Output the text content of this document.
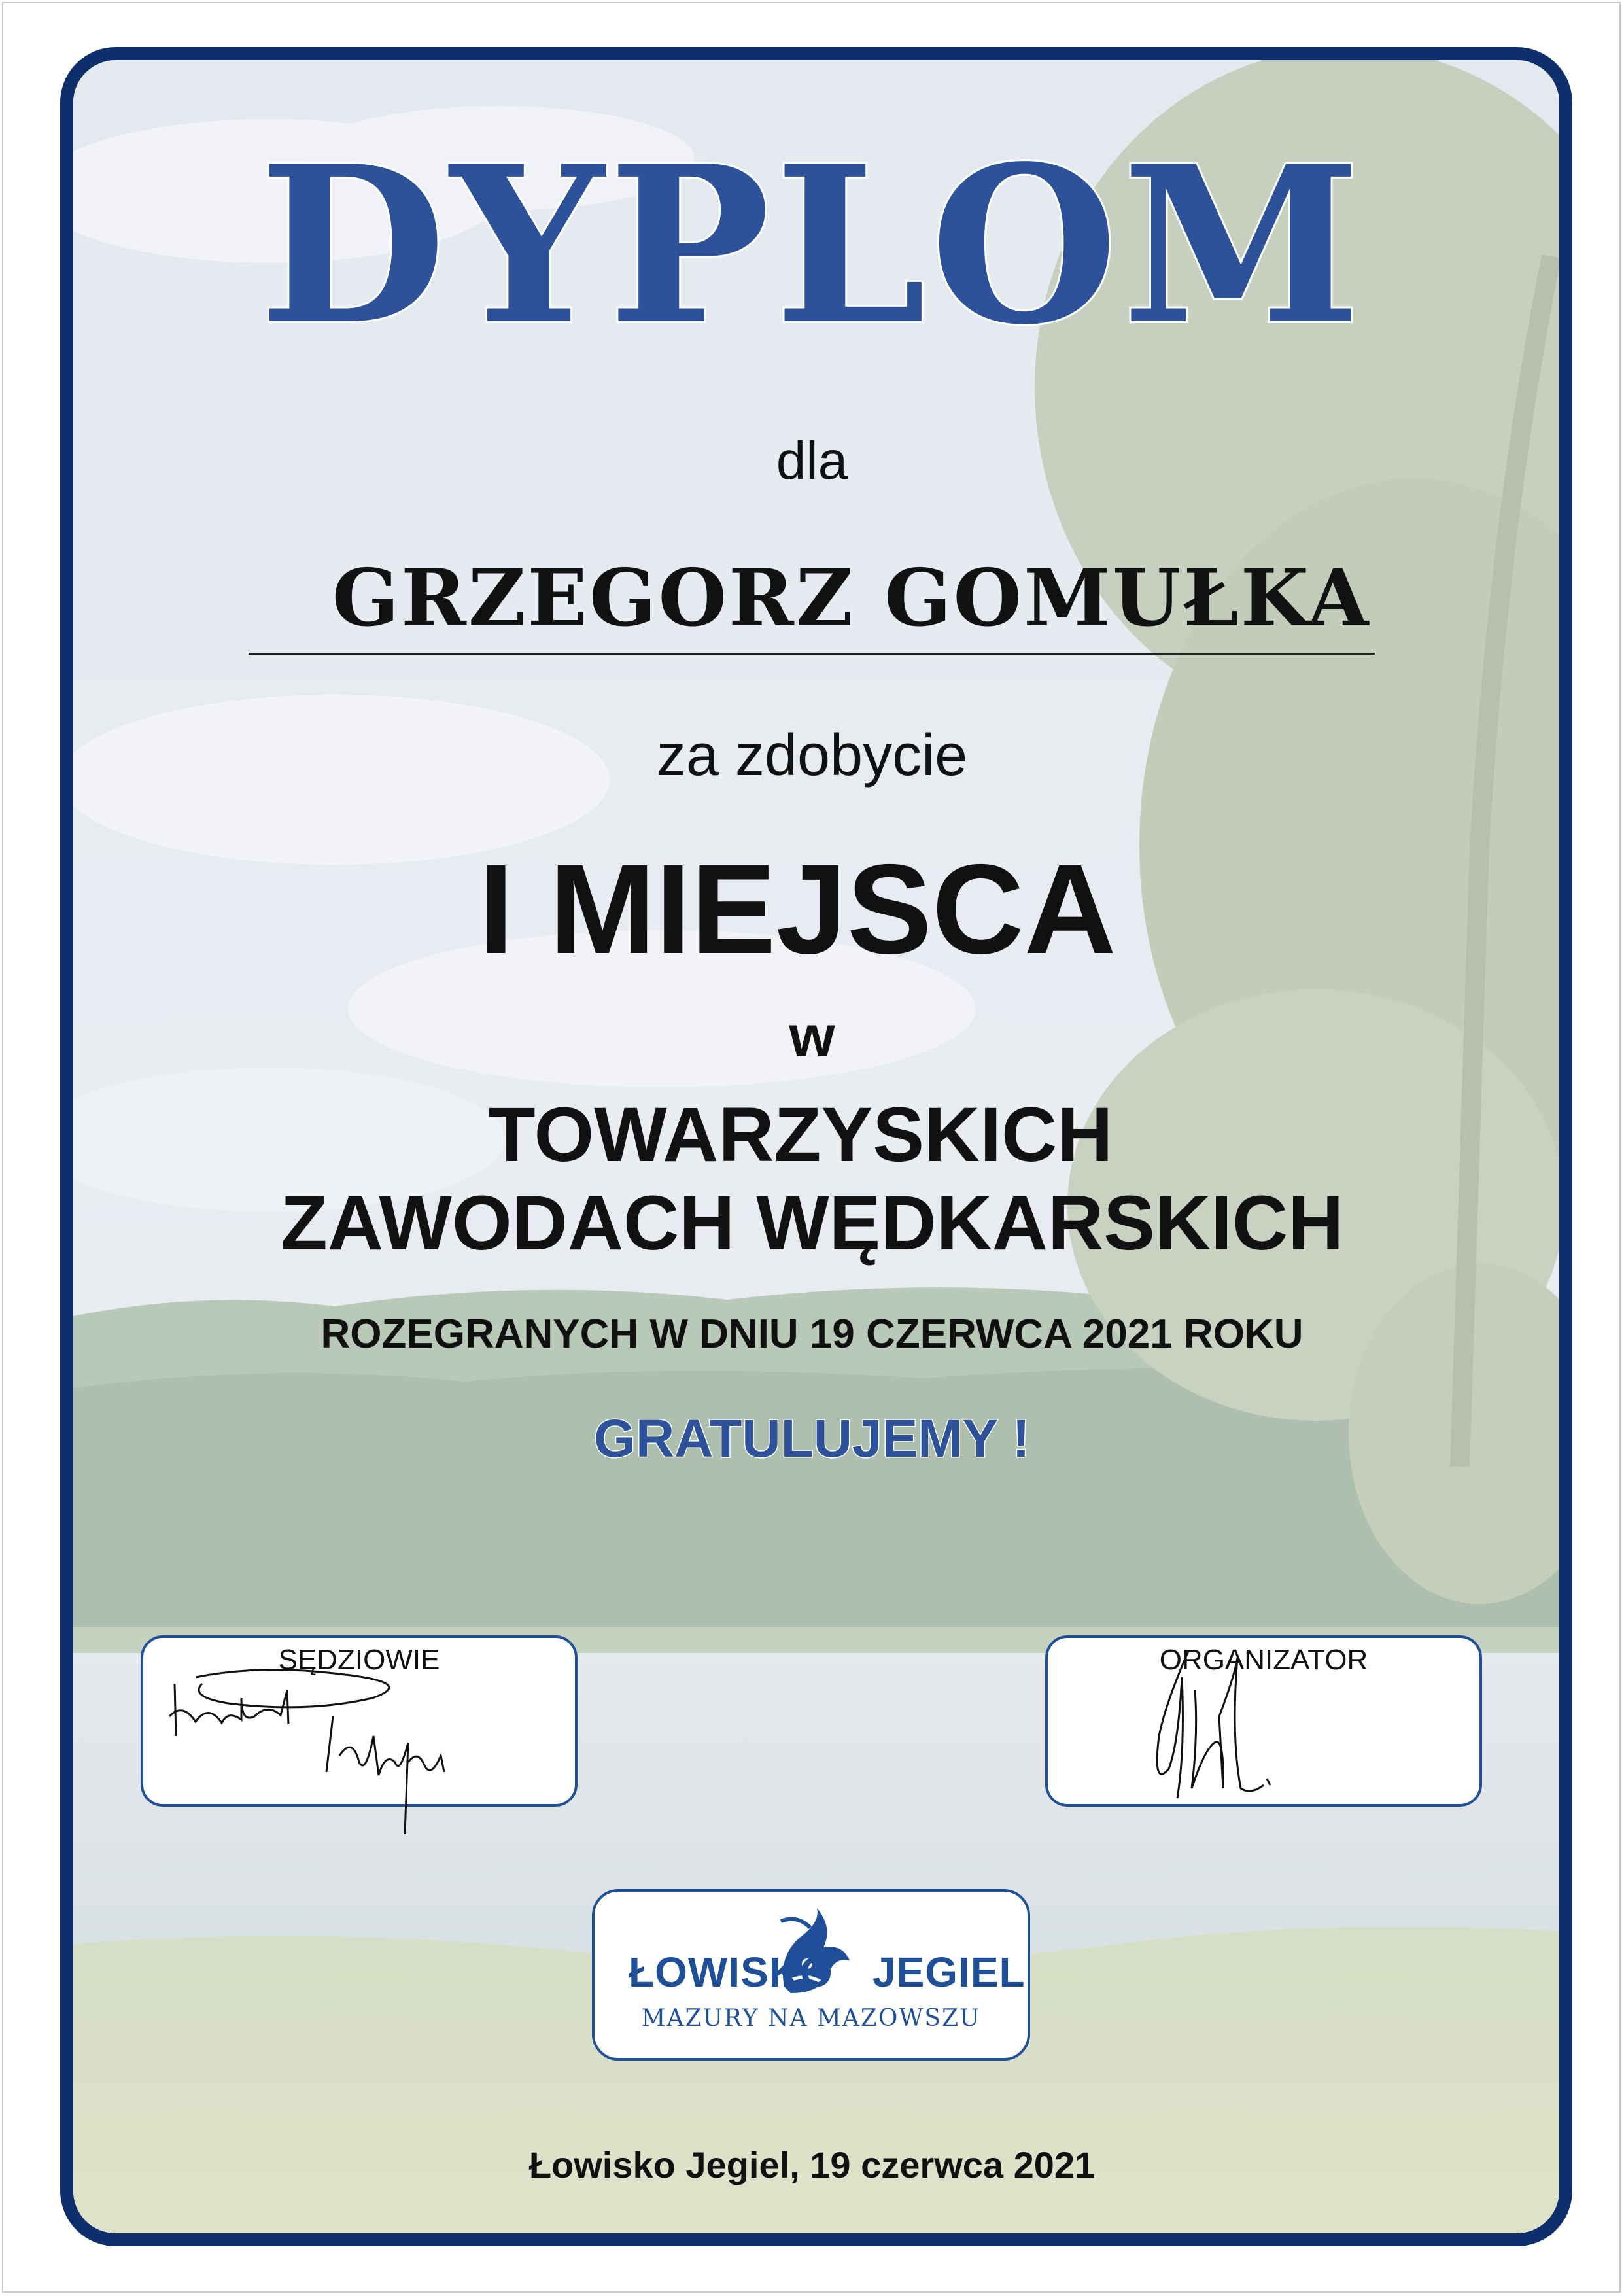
DYPLOM
dla
GRZEGORZ GOMUŁKA
za zdobycie
I MIEJSCA
w
TOWARZYSKICH
ZAWODACH WĘDKARSKICH
ROZEGRANYCH W DNIU 19 CZERWCA 2021 ROKU
GRATULUJEMY !
SĘDZIOWIE	ORGANIZATOR
ŁOWISKO JEGIEL
MAZURY NA MAZOWSZU
Łowisko Jegiel, 19 czerwca 2021
